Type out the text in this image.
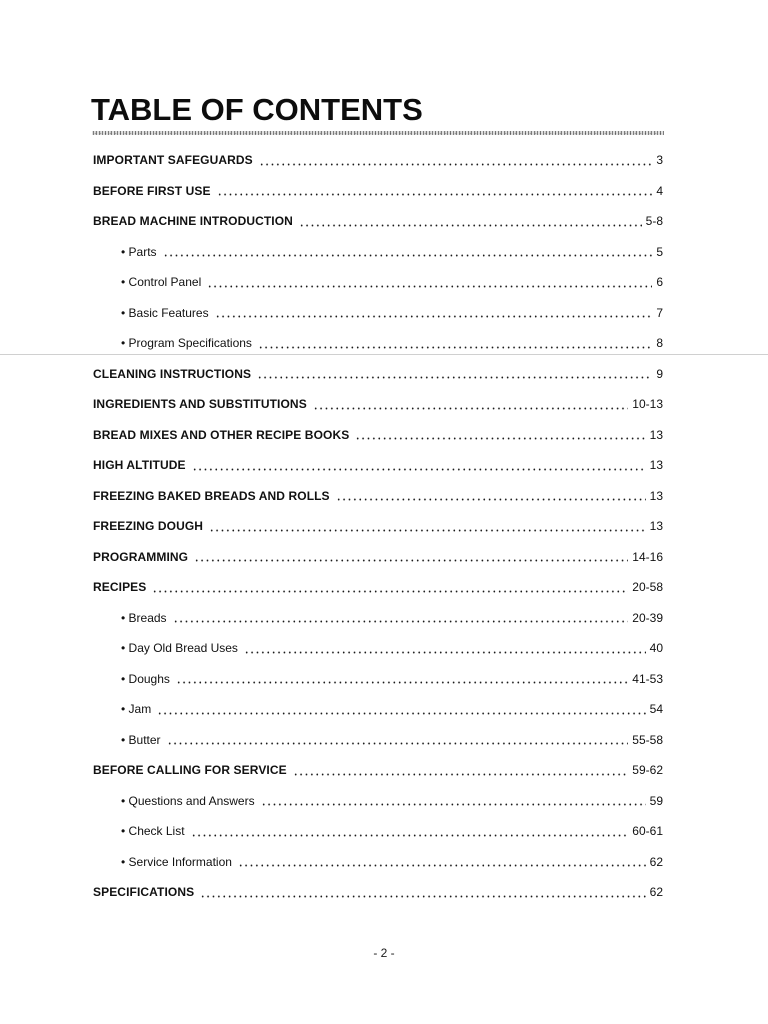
TABLE OF CONTENTS
IMPORTANT SAFEGUARDS	3
BEFORE FIRST USE	4
BREAD MACHINE INTRODUCTION	5-8
• Parts	5
• Control Panel	6
• Basic Features	7
• Program Specifications	8
CLEANING INSTRUCTIONS	9
INGREDIENTS AND SUBSTITUTIONS	10-13
BREAD MIXES AND OTHER RECIPE BOOKS	13
HIGH ALTITUDE	13
FREEZING BAKED BREADS AND ROLLS	13
FREEZING DOUGH	13
PROGRAMMING	14-16
RECIPES	20-58
• Breads	20-39
• Day Old Bread Uses	40
• Doughs	41-53
• Jam	54
• Butter	55-58
BEFORE CALLING FOR SERVICE	59-62
• Questions and Answers	59
• Check List	60-61
• Service Information	62
SPECIFICATIONS	62
- 2 -
